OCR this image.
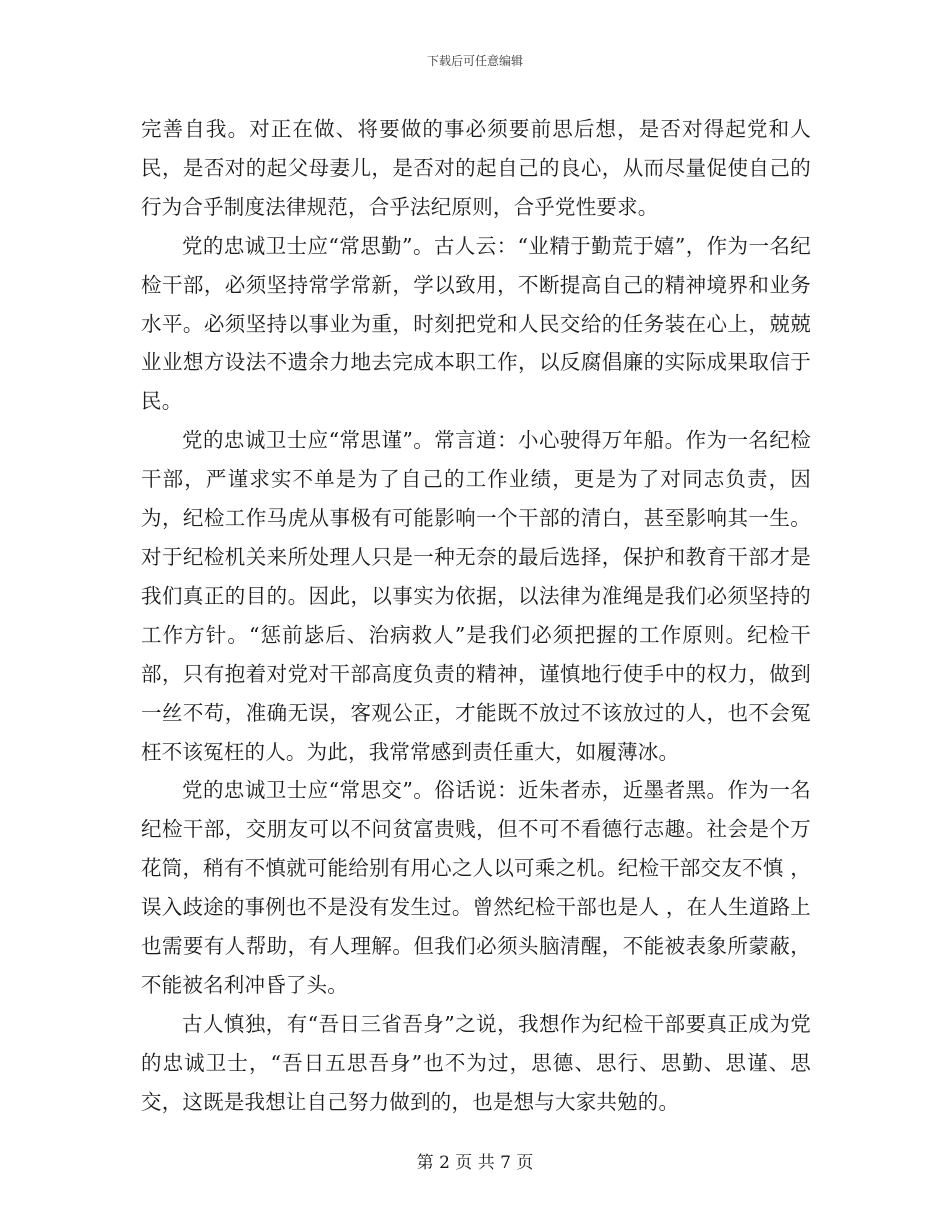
下载后可任意编辑

完善自我。对正在做、将要做的事必须要前思后想，是否对得起党和人民，是否对的起父母妻儿，是否对的起自己的良心，从而尽量促使自己的行为合乎制度法律规范，合乎法纪原则，合乎党性要求。

党的忠诚卫士应“常思勤”。古人云：“业精于勤荒于嬉”，作为一名纪检干部，必须坚持常学常新，学以致用，不断提高自己的精神境界和业务水平。必须坚持以事业为重，时刻把党和人民交给的任务装在心上，兢兢业业想方设法不遗余力地去完成本职工作，以反腐倡廉的实际成果取信于民。

党的忠诚卫士应“常思谨”。常言道：小心驶得万年船。作为一名纪检干部，严谨求实不单是为了自己的工作业绩，更是为了对同志负责，因为，纪检工作马虎从事极有可能影响一个干部的清白，甚至影响其一生。对于纪检机关来所处理人只是一种无奈的最后选择，保护和教育干部才是我们真正的目的。因此，以事实为依据，以法律为准绳是我们必须坚持的工作方针。“惩前毖后、治病救人”是我们必须把握的工作原则。纪检干部，只有抱着对党对干部高度负责的精神，谨慎地行使手中的权力，做到一丝不苟，准确无误，客观公正，才能既不放过不该放过的人，也不会冤枉不该冤枉的人。为此，我常常感到责任重大，如履薄冰。

党的忠诚卫士应“常思交”。俗话说：近朱者赤，近墨者黑。作为一名纪检干部，交朋友可以不问贫富贵贱，但不可不看德行志趣。社会是个万花筒，稍有不慎就可能给别有用心之人以可乘之机。纪检干部交友不慎 ，误入歧途的事例也不是没有发生过。曾然纪检干部也是人 ，在人生道路上 也需要有人帮助，有人理解。但我们必须头脑清醒，不能被表象所蒙蔽，不能被名利冲昏了头。

古人慎独，有“吾日三省吾身”之说，我想作为纪检干部要真正成为党的忠诚卫士，“吾日五思吾身”也不为过，思德、思行、思勤、思谨、思交，这既是我想让自己努力做到的，也是想与大家共勉的。

第 2 页 共 7 页
